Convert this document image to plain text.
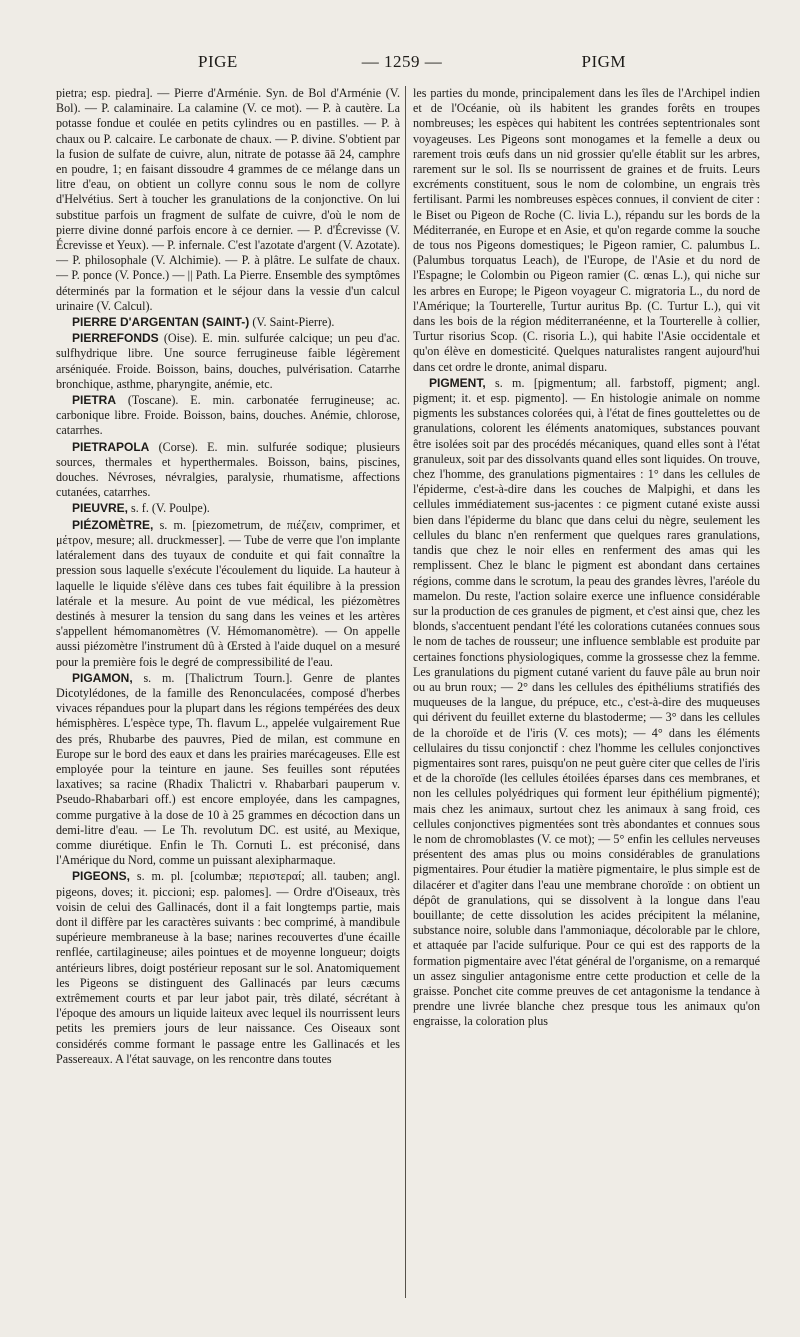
PIGE	— 1259 —	PIGM

pietra; esp. piedra]. — Pierre d'Arménie. Syn. de Bol d'Arménie (V. Bol). — P. calaminaire. La calamine (V. ce mot). — P. à cautère. La potasse fondue et coulée en petits cylindres ou en pastilles. — P. à chaux ou P. calcaire. Le carbonate de chaux. — P. divine. S'obtient par la fusion de sulfate de cuivre, alun, nitrate de potasse āā 24, camphre en poudre, 1; en faisant dissoudre 4 grammes de ce mélange dans un litre d'eau, on obtient un collyre connu sous le nom de collyre d'Helvétius. Sert à toucher les granulations de la conjonctive. On lui substitue parfois un fragment de sulfate de cuivre, d'où le nom de pierre divine donné parfois encore à ce dernier. — P. d'Écrevisse (V. Écrevisse et Yeux). — P. infernale. C'est l'azotate d'argent (V. Azotate). — P. philosophale (V. Alchimie). — P. à plâtre. Le sulfate de chaux. — P. ponce (V. Ponce.) — || Path. La Pierre. Ensemble des symptômes déterminés par la formation et le séjour dans la vessie d'un calcul urinaire (V. Calcul).

PIERRE D'ARGENTAN (SAINT-) (V. Saint-Pierre).

PIERREFONDS (Oise). E. min. sulfurée calcique; un peu d'ac. sulfhydrique libre. Une source ferrugineuse faible légèrement arséniquée. Froide. Boisson, bains, douches, pulvérisation. Catarrhe bronchique, asthme, pharyngite, anémie, etc.

PIETRA (Toscane). E. min. carbonatée ferrugineuse; ac. carbonique libre. Froide. Boisson, bains, douches. Anémie, chlorose, catarrhes.

PIETRAPOLA (Corse). E. min. sulfurée sodique; plusieurs sources, thermales et hyperthermales. Boisson, bains, piscines, douches. Névroses, névralgies, paralysie, rhumatisme, affections cutanées, catarrhes.

PIEUVRE, s. f. (V. Poulpe).

PIÉZOMÈTRE, s. m. [piezometrum, de πιέζειν, comprimer, et μέτρον, mesure; all. druckmesser]. — Tube de verre que l'on implante latéralement dans des tuyaux de conduite et qui fait connaître la pression sous laquelle s'exécute l'écoulement du liquide. La hauteur à laquelle le liquide s'élève dans ces tubes fait équilibre à la pression latérale et la mesure. Au point de vue médical, les piézomètres destinés à mesurer la tension du sang dans les veines et les artères s'appellent hémomanomètres (V. Hémomanomètre). — On appelle aussi piézomètre l'instrument dû à Œrsted à l'aide duquel on a mesuré pour la première fois le degré de compressibilité de l'eau.

PIGAMON, s. m. [Thalictrum Tourn.]. Genre de plantes Dicotylédones, de la famille des Renonculacées, composé d'herbes vivaces répandues pour la plupart dans les régions tempérées des deux hémisphères. L'espèce type, Th. flavum L., appelée vulgairement Rue des prés, Rhubarbe des pauvres, Pied de milan, est commune en Europe sur le bord des eaux et dans les prairies marécageuses. Elle est employée pour la teinture en jaune. Ses feuilles sont réputées laxatives; sa racine (Rhadix Thalictri v. Rhabarbari pauperum v. Pseudo-Rhabarbari off.) est encore employée, dans les campagnes, comme purgative à la dose de 10 à 25 grammes en décoction dans un demi-litre d'eau. — Le Th. revolutum DC. est usité, au Mexique, comme diurétique. Enfin le Th. Cornuti L. est préconisé, dans l'Amérique du Nord, comme un puissant alexipharmaque.

PIGEONS, s. m. pl. [columbæ; περιστεραί; all. tauben; angl. pigeons, doves; it. piccioni; esp. palomes]. — Ordre d'Oiseaux, très voisin de celui des Gallinacés, dont il a fait longtemps partie, mais dont il diffère par les caractères suivants : bec comprimé, à mandibule supérieure membraneuse à la base; narines recouvertes d'une écaille renflée, cartilagineuse; ailes pointues et de moyenne longueur; doigts antérieurs libres, doigt postérieur reposant sur le sol. Anatomiquement les Pigeons se distinguent des Gallinacés par leurs cæcums extrêmement courts et par leur jabot pair, très dilaté, sécrétant à l'époque des amours un liquide laiteux avec lequel ils nourrissent leurs petits les premiers jours de leur naissance. Ces Oiseaux sont considérés comme formant le passage entre les Gallinacés et les Passereaux. A l'état sauvage, on les rencontre dans toutes

les parties du monde, principalement dans les îles de l'Archipel indien et de l'Océanie, où ils habitent les grandes forêts en troupes nombreuses; les espèces qui habitent les contrées septentrionales sont voyageuses. Les Pigeons sont monogames et la femelle a deux ou rarement trois œufs dans un nid grossier qu'elle établit sur les arbres, rarement sur le sol. Ils se nourrissent de graines et de fruits. Leurs excréments constituent, sous le nom de colombine, un engrais très fertilisant. Parmi les nombreuses espèces connues, il convient de citer : le Biset ou Pigeon de Roche (C. livia L.), répandu sur les bords de la Méditerranée, en Europe et en Asie, et qu'on regarde comme la souche de tous nos Pigeons domestiques; le Pigeon ramier, C. palumbus L. (Palumbus torquatus Leach), de l'Europe, de l'Asie et du nord de l'Espagne; le Colombin ou Pigeon ramier (C. œnas L.), qui niche sur les arbres en Europe; le Pigeon voyageur C. migratoria L., du nord de l'Amérique; la Tourterelle, Turtur auritus Bp. (C. Turtur L.), qui vit dans les bois de la région méditerranéenne, et la Tourterelle à collier, Turtur risorius Scop. (C. risoria L.), qui habite l'Asie occidentale et qu'on élève en domesticité. Quelques naturalistes rangent aujourd'hui dans cet ordre le dronte, animal disparu.

PIGMENT, s. m. [pigmentum; all. farbstoff, pigment; angl. pigment; it. et esp. pigmento]. — En histologie animale on nomme pigments les substances colorées qui, à l'état de fines gouttelettes ou de granulations, colorent les éléments anatomiques, substances pouvant être isolées soit par des procédés mécaniques, quand elles sont à l'état granuleux, soit par des dissolvants quand elles sont liquides. On trouve, chez l'homme, des granulations pigmentaires : 1° dans les cellules de l'épiderme, c'est-à-dire dans les couches de Malpighi, et dans les cellules immédiatement sus-jacentes : ce pigment cutané existe aussi bien dans l'épiderme du blanc que dans celui du nègre, seulement les cellules du blanc n'en renferment que quelques rares granulations, tandis que chez le noir elles en renferment des amas qui les remplissent. Chez le blanc le pigment est abondant dans certaines régions, comme dans le scrotum, la peau des grandes lèvres, l'aréole du mamelon. Du reste, l'action solaire exerce une influence considérable sur la production de ces granules de pigment, et c'est ainsi que, chez les blonds, s'accentuent pendant l'été les colorations cutanées connues sous le nom de taches de rousseur; une influence semblable est produite par certaines fonctions physiologiques, comme la grossesse chez la femme. Les granulations du pigment cutané varient du fauve pâle au brun noir ou au brun roux; — 2° dans les cellules des épithéliums stratifiés des muqueuses de la langue, du prépuce, etc., c'est-à-dire des muqueuses qui dérivent du feuillet externe du blastoderme; — 3° dans les cellules de la choroïde et de l'iris (V. ces mots); — 4° dans les éléments cellulaires du tissu conjonctif : chez l'homme les cellules conjonctives pigmentaires sont rares, puisqu'on ne peut guère citer que celles de l'iris et de la choroïde (les cellules étoilées éparses dans ces membranes, et non les cellules polyédriques qui forment leur épithélium pigmenté); mais chez les animaux, surtout chez les animaux à sang froid, ces cellules conjonctives pigmentées sont très abondantes et connues sous le nom de chromoblastes (V. ce mot); — 5° enfin les cellules nerveuses présentent des amas plus ou moins considérables de granulations pigmentaires. Pour étudier la matière pigmentaire, le plus simple est de dilacérer et d'agiter dans l'eau une membrane choroïde : on obtient un dépôt de granulations, qui se dissolvent à la longue dans l'eau bouillante; de cette dissolution les acides précipitent la mélanine, substance noire, soluble dans l'ammoniaque, décolorable par le chlore, et attaquée par l'acide sulfurique. Pour ce qui est des rapports de la formation pigmentaire avec l'état général de l'organisme, on a remarqué un assez singulier antagonisme entre cette production et celle de la graisse. Ponchet cite comme preuves de cet antagonisme la tendance à prendre une livrée blanche chez presque tous les animaux qu'on engraisse, la coloration plus
